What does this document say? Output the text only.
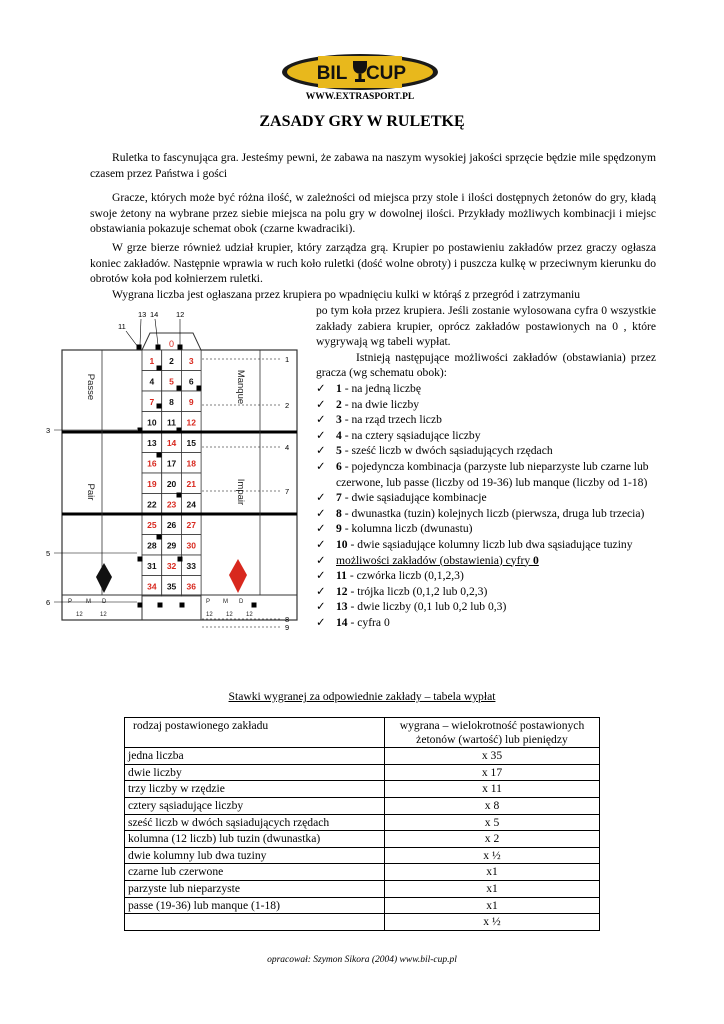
BIL CUP
WWW.EXTRASPORT.PL
ZASADY GRY W RULETKĘ

Ruletka to fascynująca gra. Jesteśmy pewni, że zabawa na naszym wysokiej jakości sprzęcie będzie mile spędzonym czasem przez Państwa i gości

Gracze, których może być różna ilość, w zależności od miejsca przy stole i ilości dostępnych żetonów do gry, kładą swoje żetony na wybrane przez siebie miejsca na polu gry w dowolnej ilości. Przykłady możliwych kombinacji i miejsc obstawiania pokazuje schemat obok (czarne kwadraciki).

W grze bierze również udział krupier, który zarządza grą. Krupier po postawieniu zakładów przez graczy ogłasza koniec zakładów. Następnie wprawia w ruch koło ruletki (dość wolne obroty) i puszcza kulkę w przeciwnym kierunku do obrotów koła pod kołnierzem ruletki.

Wygrana liczba jest ogłaszana przez krupiera po wpadnięciu kulki w którąś z przegród i zatrzymaniu

0
1 2 3
4 5 6
7 8 9
10 11 12
13 14 15
16 17 18
19 20 21
22 23 24
25 26 27
28 29 30
31 32 33
34 35 36
Passe	Manque
Pair	Impair
P M D
12	12
P M D
12 12 12
13 14 12
11
3
5
6
1
2
4
7
8
9

po tym koła przez krupiera. Jeśli zostanie wylosowana cyfra 0 wszystkie zakłady zabiera krupier, oprócz zakładów postawionych na 0 , które wygrywają wg tabeli wypłat.

Istnieją następujące możliwości zakładów (obstawiania) przez gracza (wg schematu obok):

✓ 1 - na jedną liczbę
✓ 2 - na dwie liczby
✓ 3 - na rząd trzech liczb
✓ 4 - na cztery sąsiadujące liczby
✓ 5 - sześć liczb w dwóch sąsiadujących rzędach
✓ 6 - pojedyncza kombinacja (parzyste lub nieparzyste lub czarne lub czerwone, lub passe (liczby od 19-36) lub manque (liczby od 1-18)
✓ 7 - dwie sąsiadujące kombinacje
✓ 8 - dwunastka (tuzin) kolejnych liczb (pierwsza, druga lub trzecia)
✓ 9 - kolumna liczb (dwunastu)
✓ 10 - dwie sąsiadujące kolumny liczb lub dwa sąsiadujące tuziny
✓ możliwości zakładów (obstawienia) cyfry 0
✓ 11 - czwórka liczb (0,1,2,3)
✓ 12 - trójka liczb (0,1,2 lub 0,2,3)
✓ 13 - dwie liczby (0,1 lub 0,2 lub 0,3)
✓ 14 - cyfra 0
Stawki wygranej za odpowiednie zakłady – tabela wypłat
rodzaj postawionego zakładu	wygrana – wielokrotność postawionych żetonów (wartość) lub pieniędzy
jedna liczba	x 35
dwie liczby	x 17
trzy liczby w rzędzie	x 11
cztery sąsiadujące liczby	x 8
sześć liczb w dwóch sąsiadujących rzędach	x 5
kolumna (12 liczb) lub tuzin (dwunastka)	x 2
dwie kolumny lub dwa tuziny	x ½
czarne lub czerwone	x1
parzyste lub nieparzyste	x1
passe (19-36) lub manque (1-18)	x1
	x ½
opracował: Szymon Sikora (2004) www.bil-cup.pl
